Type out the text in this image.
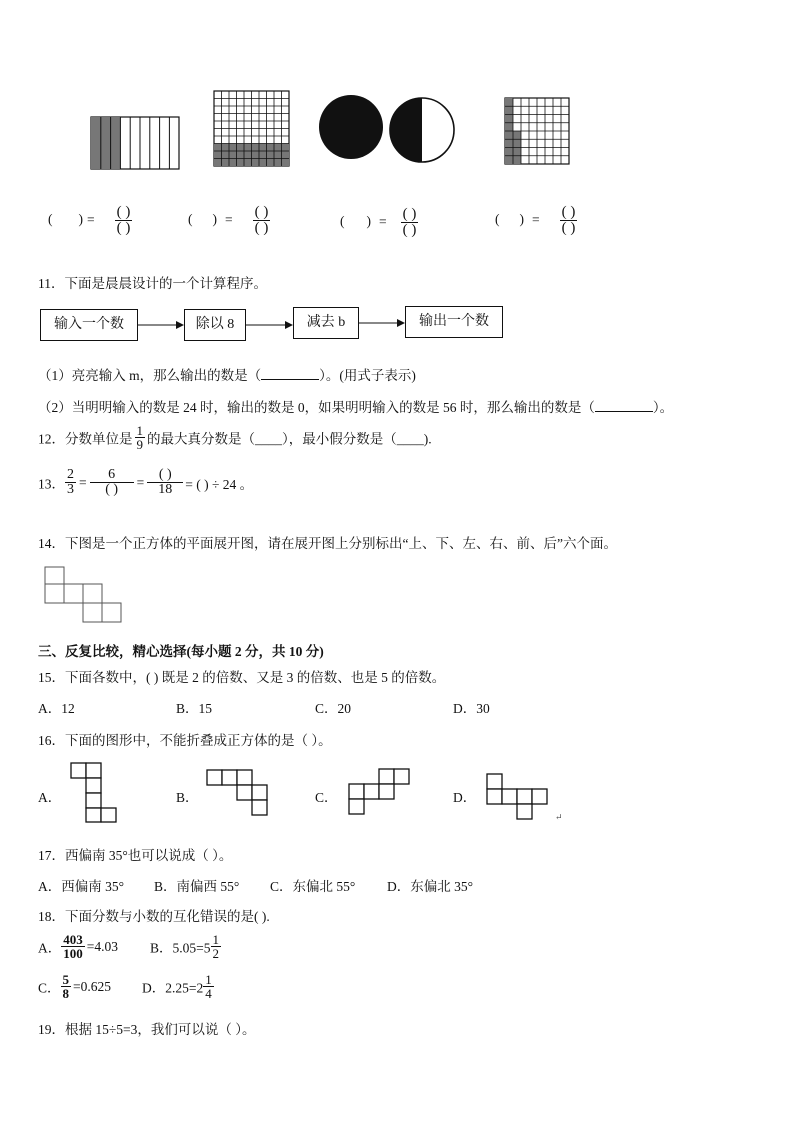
( ) = $\frac{( )}{( )}$	( ) = $\frac{( )}{( )}$	( ) = $\frac{( )}{( )}$	( ) = $\frac{( )}{( )}$
11．下面是晨晨设计的一个计算程序。
输入一个数	除以 8	减去 b	输出一个数
（1）亮亮输入 m，那么输出的数是（	）。(用式子表示)
（2）当明明输入的数是 24 时，输出的数是 0，如果明明输入的数是 56 时，那么输出的数是（	）。
12．分数单位是 $\frac{1}{9}$ 的最大真分数是（____），最小假分数是（____).
13． $\frac{2}{3} = \frac{6}{( )} = \frac{( )}{18}$ = ( ) ÷ 24 。
14．下图是一个正方体的平面展开图，请在展开图上分别标出“上、下、左、右、前、后”六个面。
三、反复比较，精心选择(每小题 2 分，共 10 分)
15．下面各数中，( ) 既是 2 的倍数、又是 3 的倍数、也是 5 的倍数。
A．12	B．15	C．20	D．30
16．下面的图形中，不能折叠成正方体的是（ ）。
A．	B．	C．	D．
↵
17．西偏南 35°也可以说成（ ）。
A．西偏南 35° B．南偏西 55° C．东偏北 55° D．东偏北 35°
18．下面分数与小数的互化错误的是( ).
A． $\frac{403}{100} =4.03$ B．$5.05=5 \frac{1}{2}$
C． $\frac{5}{8} =0.625$ D．$2.25=2 \frac{1}{4}$
19．根据 15÷5=3，我们可以说（ ）。
